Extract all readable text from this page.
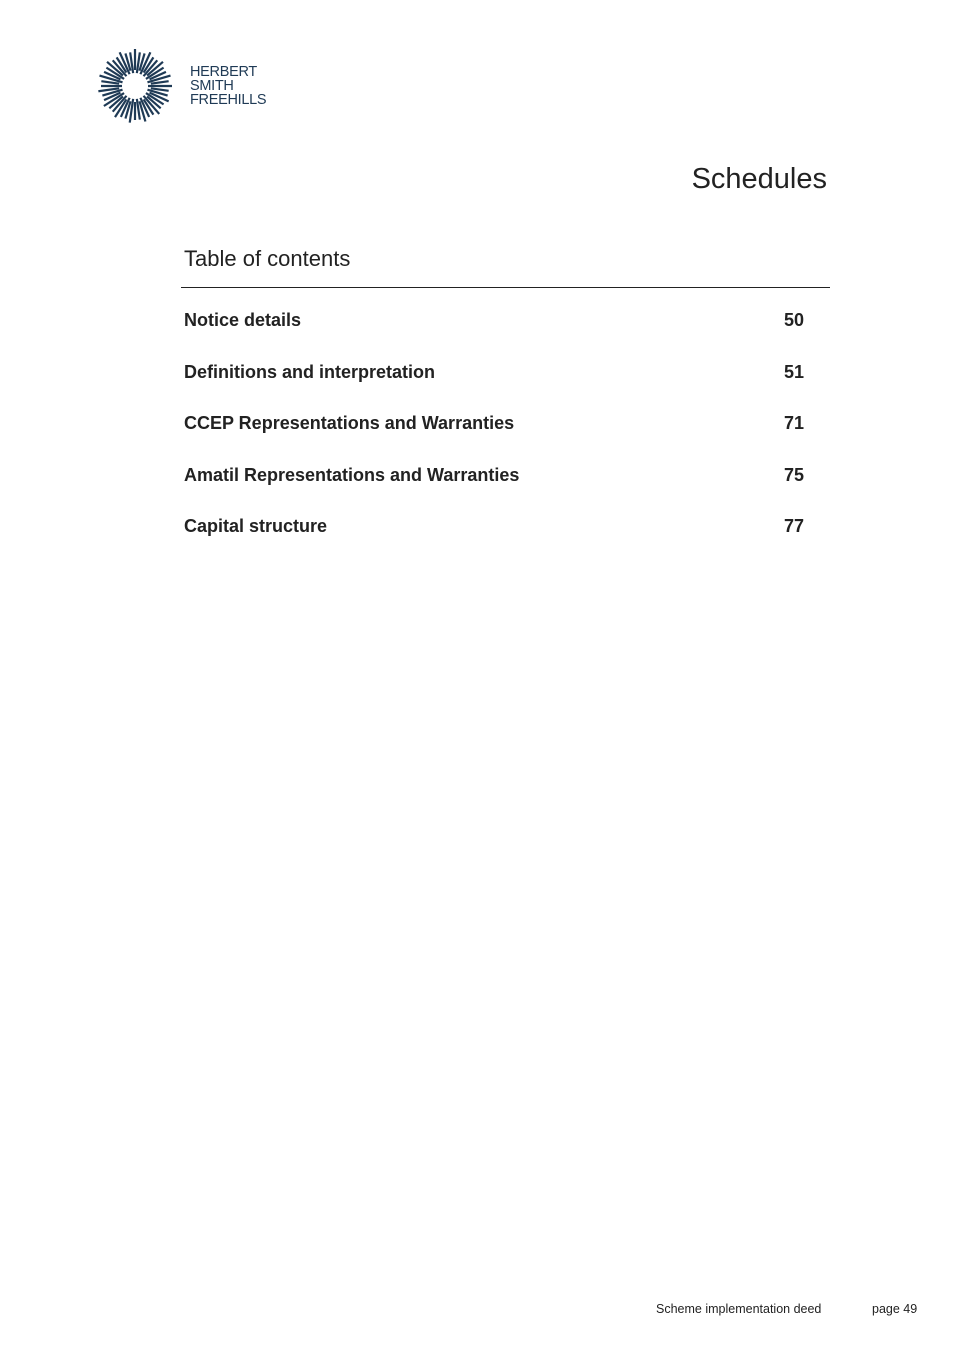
HERBERT
SMITH
FREEHILLS
Schedules
Table of contents
Notice details	50
Definitions and interpretation	51
CCEP Representations and Warranties	71
Amatil Representations and Warranties	75
Capital structure	77
Scheme implementation deed	page 49
